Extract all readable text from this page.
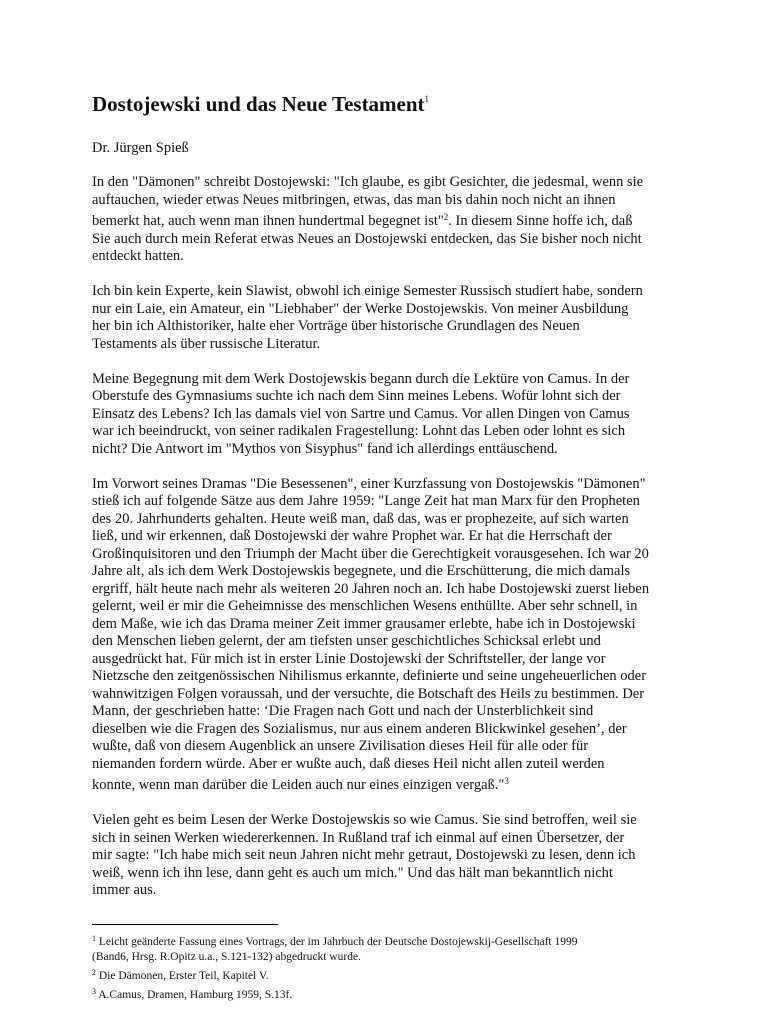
Dostojewski und das Neue Testament$^1$

Dr. Jürgen Spieß

In den "Dämonen" schreibt Dostojewski: "Ich glaube, es gibt Gesichter, die jedesmal, wenn sie
auftauchen, wieder etwas Neues mitbringen, etwas, das man bis dahin noch nicht an ihnen
bemerkt hat, auch wenn man ihnen hundertmal begegnet ist"$^2$. In diesem Sinne hoffe ich, daß
Sie auch durch mein Referat etwas Neues an Dostojewski entdecken, das Sie bisher noch nicht
entdeckt hatten.

Ich bin kein Experte, kein Slawist, obwohl ich einige Semester Russisch studiert habe, sondern
nur ein Laie, ein Amateur, ein "Liebhaber" der Werke Dostojewskis. Von meiner Ausbildung
her bin ich Althistoriker, halte eher Vorträge über historische Grundlagen des Neuen
Testaments als über russische Literatur.

Meine Begegnung mit dem Werk Dostojewskis begann durch die Lektüre von Camus. In der
Oberstufe des Gymnasiums suchte ich nach dem Sinn meines Lebens. Wofür lohnt sich der
Einsatz des Lebens? Ich las damals viel von Sartre und Camus. Vor allen Dingen von Camus
war ich beeindruckt, von seiner radikalen Fragestellung: Lohnt das Leben oder lohnt es sich
nicht? Die Antwort im "Mythos von Sisyphus" fand ich allerdings enttäuschend.

Im Vorwort seines Dramas "Die Besessenen", einer Kurzfassung von Dostojewskis "Dämonen"
stieß ich auf folgende Sätze aus dem Jahre 1959: "Lange Zeit hat man Marx für den Propheten
des 20. Jahrhunderts gehalten. Heute weiß man, daß das, was er prophezeite, auf sich warten
ließ, und wir erkennen, daß Dostojewski der wahre Prophet war. Er hat die Herrschaft der
Großinquisitoren und den Triumph der Macht über die Gerechtigkeit vorausgesehen. Ich war 20
Jahre alt, als ich dem Werk Dostojewskis begegnete, und die Erschütterung, die mich damals
ergriff, hält heute nach mehr als weiteren 20 Jahren noch an. Ich habe Dostojewski zuerst lieben
gelernt, weil er mir die Geheimnisse des menschlichen Wesens enthüllte. Aber sehr schnell, in
dem Maße, wie ich das Drama meiner Zeit immer grausamer erlebte, habe ich in Dostojewski
den Menschen lieben gelernt, der am tiefsten unser geschichtliches Schicksal erlebt und
ausgedrückt hat. Für mich ist in erster Linie Dostojewski der Schriftsteller, der lange vor
Nietzsche den zeitgenössischen Nihilismus erkannte, definierte und seine ungeheuerlichen oder
wahnwitzigen Folgen voraussah, und der versuchte, die Botschaft des Heils zu bestimmen. Der
Mann, der geschrieben hatte: ‘Die Fragen nach Gott und nach der Unsterblichkeit sind
dieselben wie die Fragen des Sozialismus, nur aus einem anderen Blickwinkel gesehen’, der
wußte, daß von diesem Augenblick an unsere Zivilisation dieses Heil für alle oder für
niemanden fordern würde. Aber er wußte auch, daß dieses Heil nicht allen zuteil werden
konnte, wenn man darüber die Leiden auch nur eines einzigen vergaß."$^3$

Vielen geht es beim Lesen der Werke Dostojewskis so wie Camus. Sie sind betroffen, weil sie
sich in seinen Werken wiedererkennen. In Rußland traf ich einmal auf einen Übersetzer, der
mir sagte: "Ich habe mich seit neun Jahren nicht mehr getraut, Dostojewski zu lesen, denn ich
weiß, wenn ich ihn lese, dann geht es auch um mich." Und das hält man bekanntlich nicht
immer aus.

$^1$ Leicht geänderte Fassung eines Vortrags, der im Jahrbuch der Deutsche Dostojewskij-Gesellschaft 1999
(Band6, Hrsg. R.Opitz u.a., S.121-132) abgedruckt wurde.

$^2$ Die Dämonen, Erster Teil, Kapitel V.

$^3$ A.Camus, Dramen, Hamburg 1959, S.13f.
